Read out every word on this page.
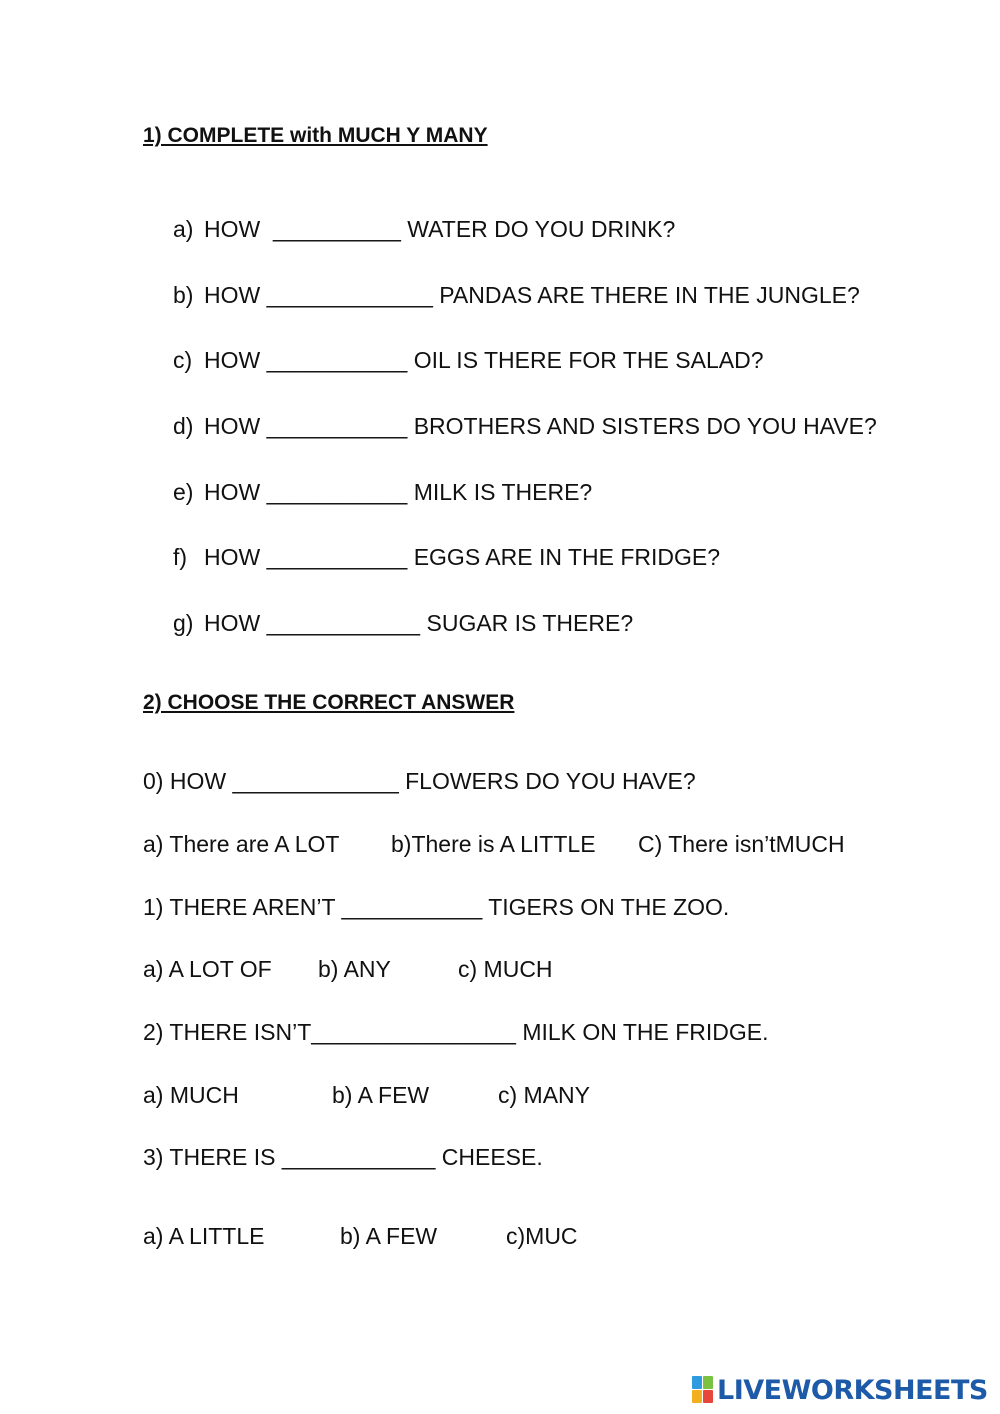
1) COMPLETE with MUCH Y MANY
a) HOW  __________ WATER DO YOU DRINK?
b) HOW _____________ PANDAS ARE THERE IN THE JUNGLE?
c) HOW ___________ OIL IS THERE FOR THE SALAD?
d) HOW ___________ BROTHERS AND SISTERS DO YOU HAVE?
e) HOW ___________ MILK IS THERE?
f) HOW ___________ EGGS ARE IN THE FRIDGE?
g) HOW ____________ SUGAR IS THERE?
2) CHOOSE THE CORRECT ANSWER
0) HOW _____________ FLOWERS DO YOU HAVE?
a) There are A LOT b)There is A LITTLE C) There isn’tMUCH
1) THERE AREN’T ___________ TIGERS ON THE ZOO.
a) A LOT OF b) ANY	c) MUCH
2) THERE ISN’T________________ MILK ON THE FRIDGE.
a) MUCH	b) A FEW	c) MANY
3) THERE IS ____________ CHEESE.
a) A LITTLE	b) A FEW	c)MUC
LIVEWORKSHEETS
